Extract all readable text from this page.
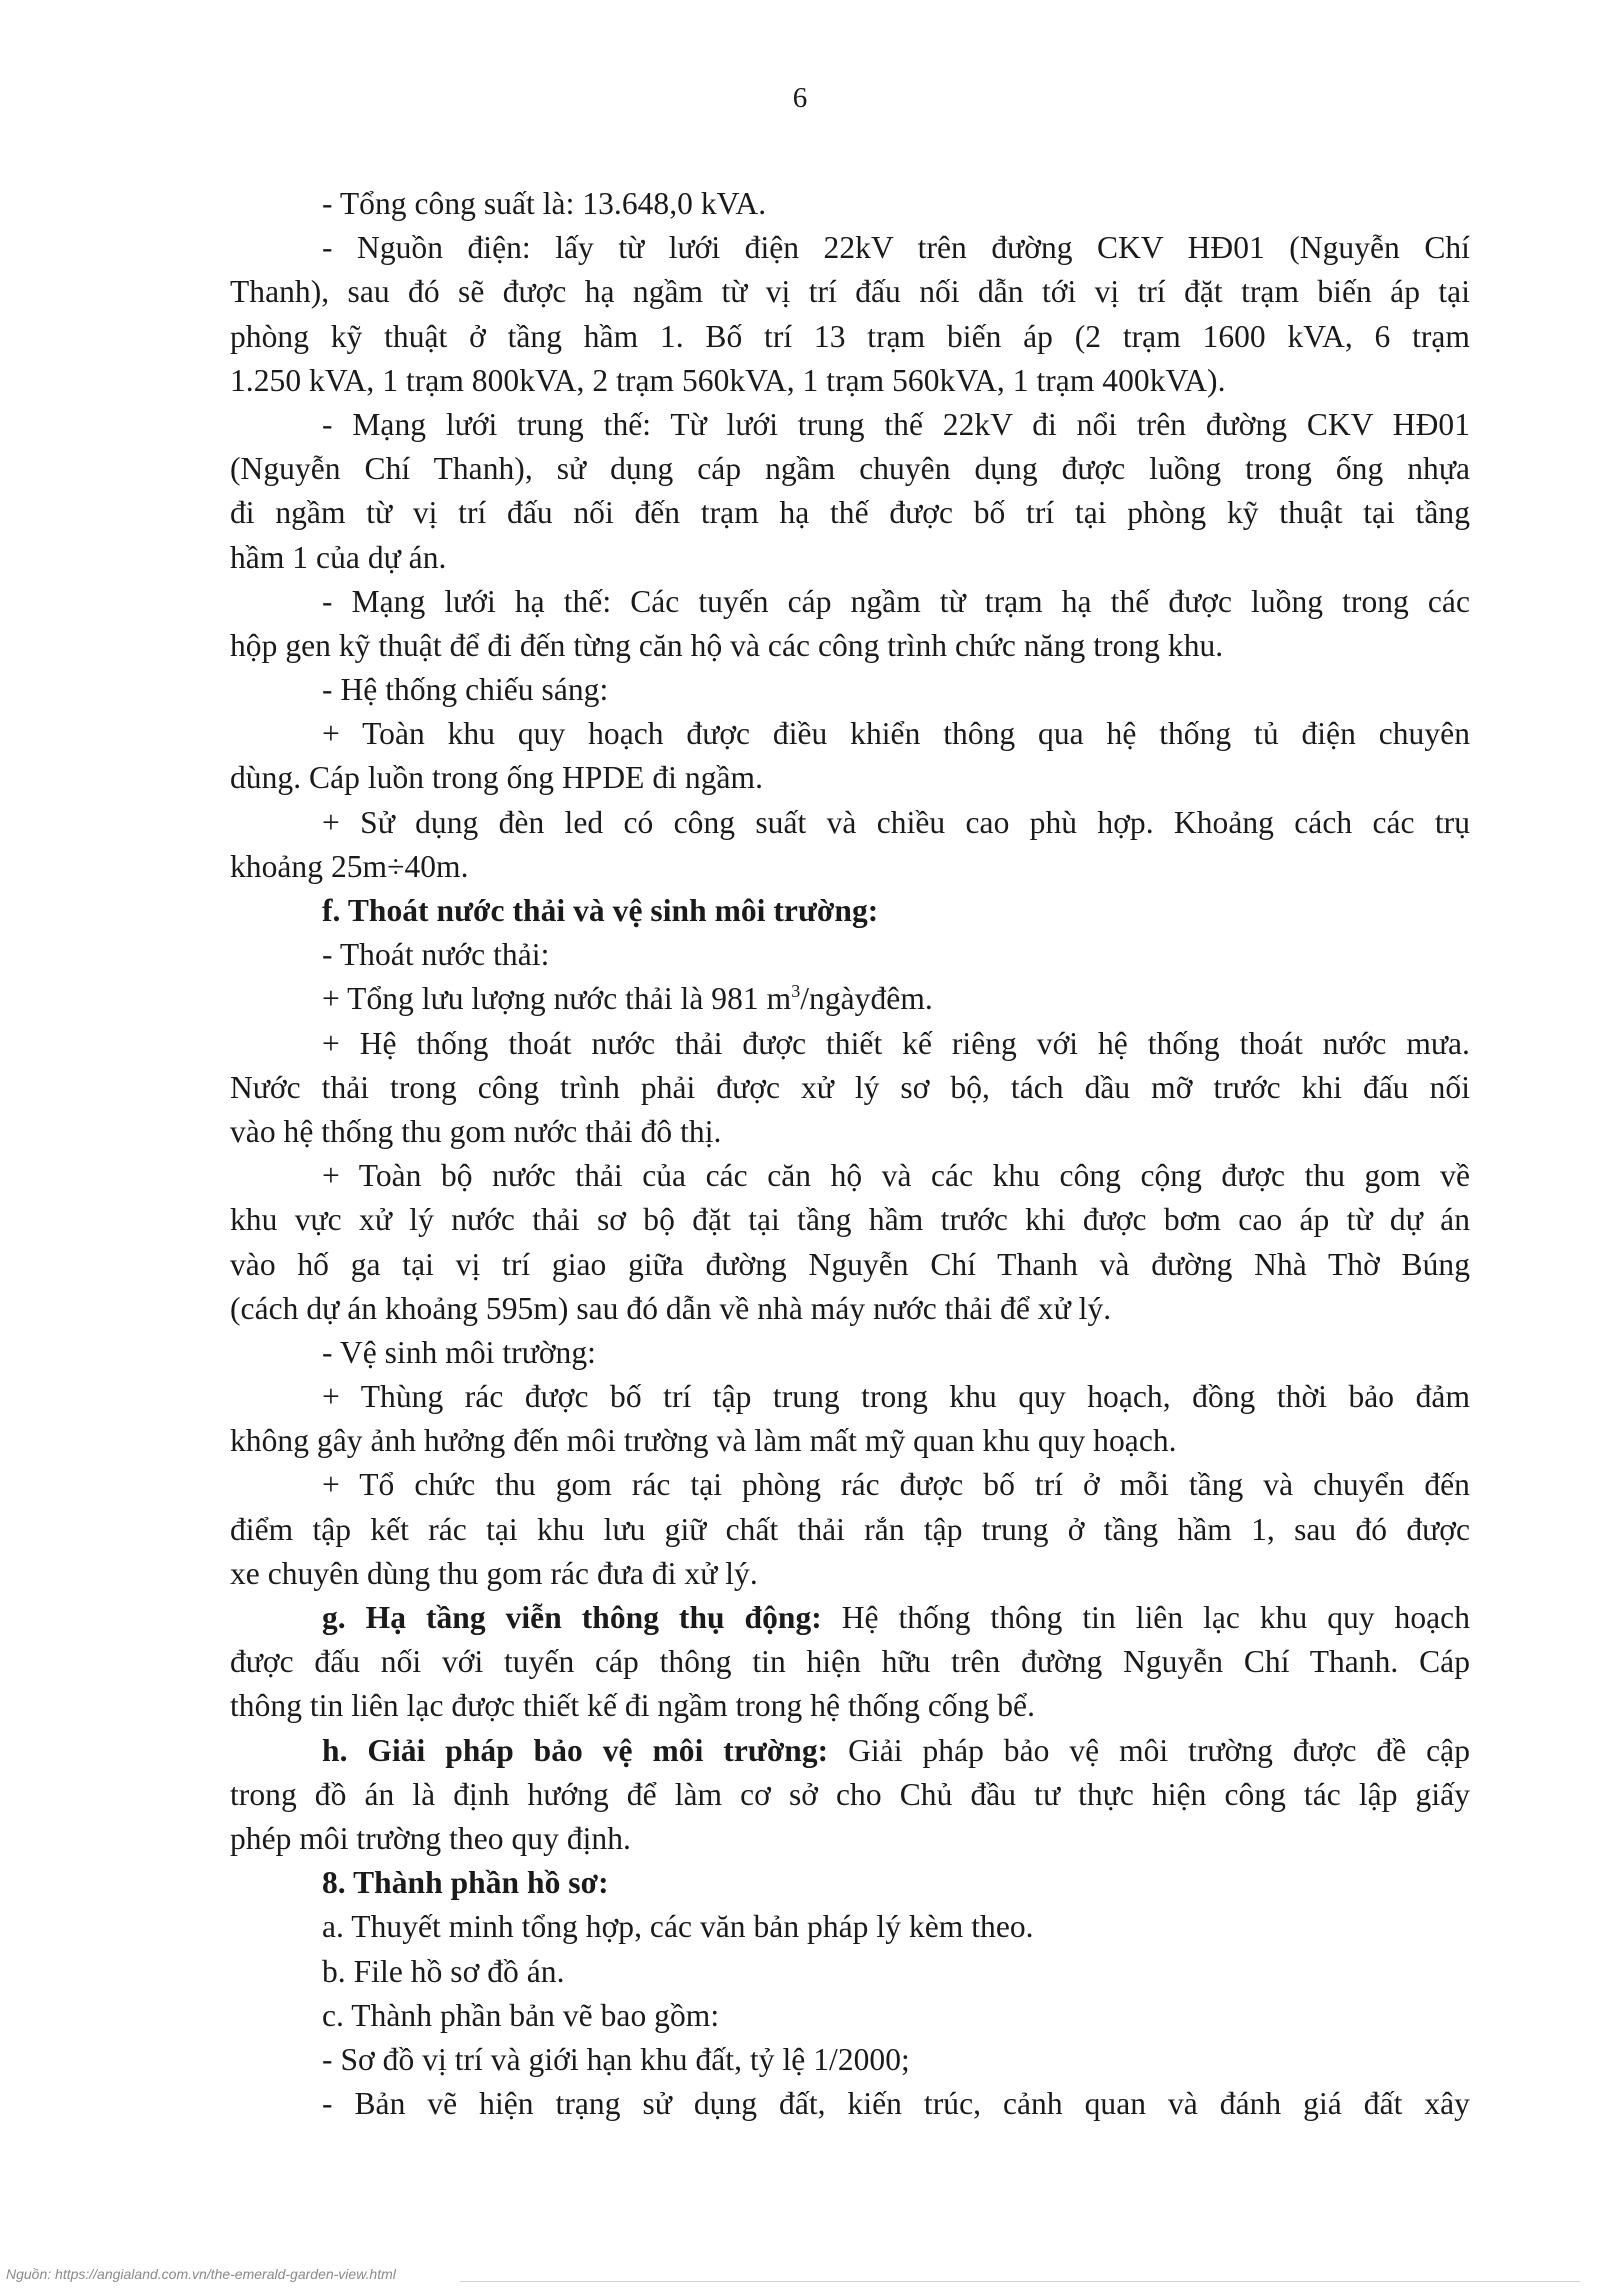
6
- Tổng công suất là: 13.648,0 kVA.
- Nguồn điện: lấy từ lưới điện 22kV trên đường CKV HĐ01 (Nguyễn Chí
Thanh), sau đó sẽ được hạ ngầm từ vị trí đấu nối dẫn tới vị trí đặt trạm biến áp tại
phòng kỹ thuật ở tầng hầm 1. Bố trí 13 trạm biến áp (2 trạm 1600 kVA, 6 trạm
1.250 kVA, 1 trạm 800kVA, 2 trạm 560kVA, 1 trạm 560kVA, 1 trạm 400kVA).
- Mạng lưới trung thế: Từ lưới trung thế 22kV đi nổi trên đường CKV HĐ01
(Nguyễn Chí Thanh), sử dụng cáp ngầm chuyên dụng được luồng trong ống nhựa
đi ngầm từ vị trí đấu nối đến trạm hạ thế được bố trí tại phòng kỹ thuật tại tầng
hầm 1 của dự án.
- Mạng lưới hạ thế: Các tuyến cáp ngầm từ trạm hạ thế được luồng trong các
hộp gen kỹ thuật để đi đến từng căn hộ và các công trình chức năng trong khu.
- Hệ thống chiếu sáng:
+ Toàn khu quy hoạch được điều khiển thông qua hệ thống tủ điện chuyên
dùng. Cáp luồn trong ống HPDE đi ngầm.
+ Sử dụng đèn led có công suất và chiều cao phù hợp. Khoảng cách các trụ
khoảng 25m÷40m.
f. Thoát nước thải và vệ sinh môi trường:
- Thoát nước thải:
+ Tổng lưu lượng nước thải là 981 $m^3$/ngàyđêm.
+ Hệ thống thoát nước thải được thiết kế riêng với hệ thống thoát nước mưa.
Nước thải trong công trình phải được xử lý sơ bộ, tách dầu mỡ trước khi đấu nối
vào hệ thống thu gom nước thải đô thị.
+ Toàn bộ nước thải của các căn hộ và các khu công cộng được thu gom về
khu vực xử lý nước thải sơ bộ đặt tại tầng hầm trước khi được bơm cao áp từ dự án
vào hố ga tại vị trí giao giữa đường Nguyễn Chí Thanh và đường Nhà Thờ Búng
(cách dự án khoảng 595m) sau đó dẫn về nhà máy nước thải để xử lý.
- Vệ sinh môi trường:
+ Thùng rác được bố trí tập trung trong khu quy hoạch, đồng thời bảo đảm
không gây ảnh hưởng đến môi trường và làm mất mỹ quan khu quy hoạch.
+ Tổ chức thu gom rác tại phòng rác được bố trí ở mỗi tầng và chuyển đến
điểm tập kết rác tại khu lưu giữ chất thải rắn tập trung ở tầng hầm 1, sau đó được
xe chuyên dùng thu gom rác đưa đi xử lý.
g. Hạ tầng viễn thông thụ động: Hệ thống thông tin liên lạc khu quy hoạch
được đấu nối với tuyến cáp thông tin hiện hữu trên đường Nguyễn Chí Thanh. Cáp
thông tin liên lạc được thiết kế đi ngầm trong hệ thống cống bể.
h. Giải pháp bảo vệ môi trường: Giải pháp bảo vệ môi trường được đề cập
trong đồ án là định hướng để làm cơ sở cho Chủ đầu tư thực hiện công tác lập giấy
phép môi trường theo quy định.
8. Thành phần hồ sơ:
a. Thuyết minh tổng hợp, các văn bản pháp lý kèm theo.
b. File hồ sơ đồ án.
c. Thành phần bản vẽ bao gồm:
- Sơ đồ vị trí và giới hạn khu đất, tỷ lệ 1/2000;
- Bản vẽ hiện trạng sử dụng đất, kiến trúc, cảnh quan và đánh giá đất xây
Nguồn: https://angialand.com.vn/the-emerald-garden-view.html
